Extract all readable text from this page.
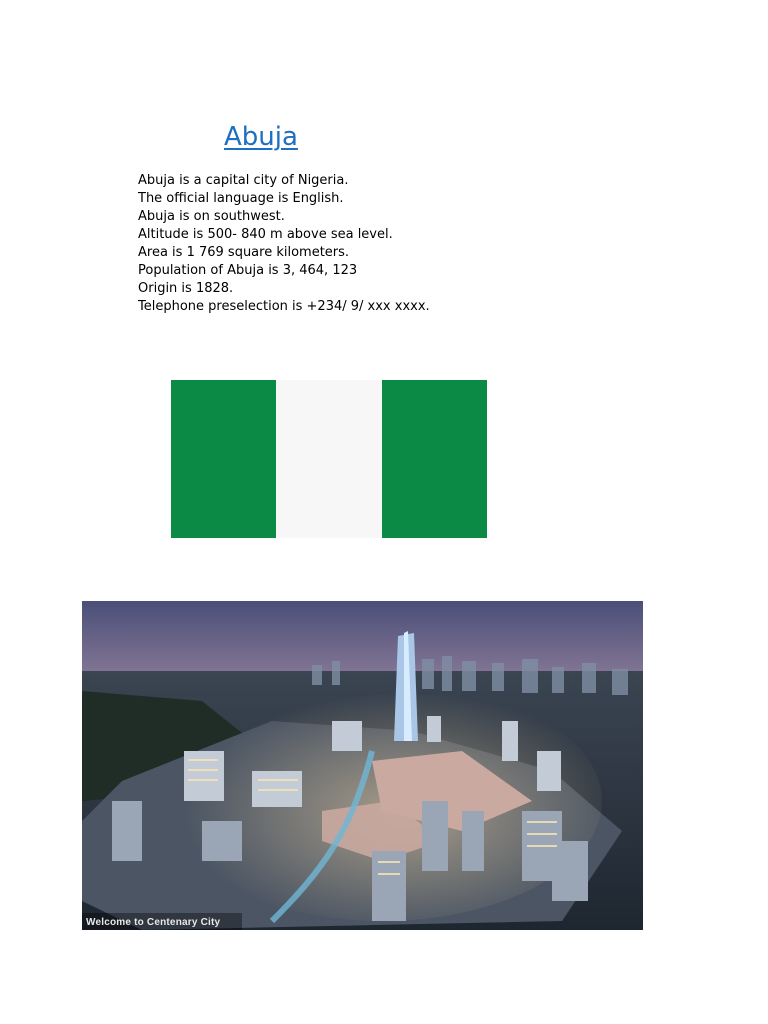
Abuja
Abuja is a capital city of Nigeria.
The official language is English.
Abuja is on southwest.
Altitude is 500- 840 m above sea level.
Area is 1 769 square kilometers.
Population of Abuja is 3, 464, 123
Origin is 1828.
Telephone preselection is +234/ 9/ xxx xxxx.
Welcome to Centenary City
